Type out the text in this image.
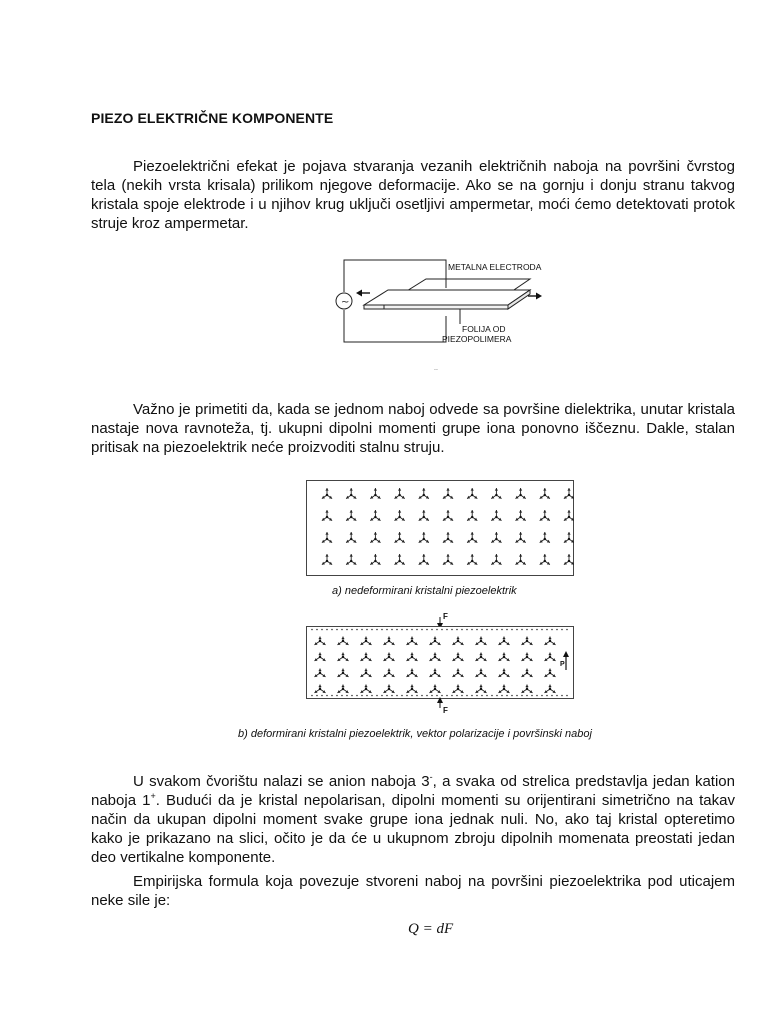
PIEZO ELEKTRIČNE KOMPONENTE

Piezoelektrični efekat je pojava stvaranja vezanih električnih naboja na površini čvrstog tela (nekih vrsta krisala) prilikom njegove deformacije. Ako se na gornju i donju stranu takvog kristala spoje elektrode i u njihov krug uključi osetljivi ampermetar, moći ćemo detektovati protok struje kroz ampermetar.

~
METALNA ELECTRODA
FOLIJA OD
PIEZOPOLIMERA
..

Važno je primetiti da, kada se jednom naboj odvede sa površine dielektrika, unutar kristala nastaje nova ravnoteža, tj. ukupni dipolni momenti grupe iona ponovno iščeznu. Dakle, stalan pritisak na piezoelektrik neće proizvoditi stalnu struju.

a) nedeformirani kristalni piezoelektrik
F
P
F
b) deformirani kristalni piezoelektrik, vektor polarizacije i površinski naboj

U svakom čvorištu nalazi se anion naboja 3-, a svaka od strelica predstavlja jedan kation naboja 1+. Budući da je kristal nepolarisan, dipolni momenti su orijentirani simetrično na takav način da ukupan dipolni moment svake grupe iona jednak nuli. No, ako taj kristal opteretimo kako je prikazano na slici, očito je da će u ukupnom zbroju dipolnih momenata preostati jedan deo vertikalne komponente.

Empirijska formula koja povezuje stvoreni naboj na površini piezoelektrika pod uticajem neke sile je:

Q = dF
